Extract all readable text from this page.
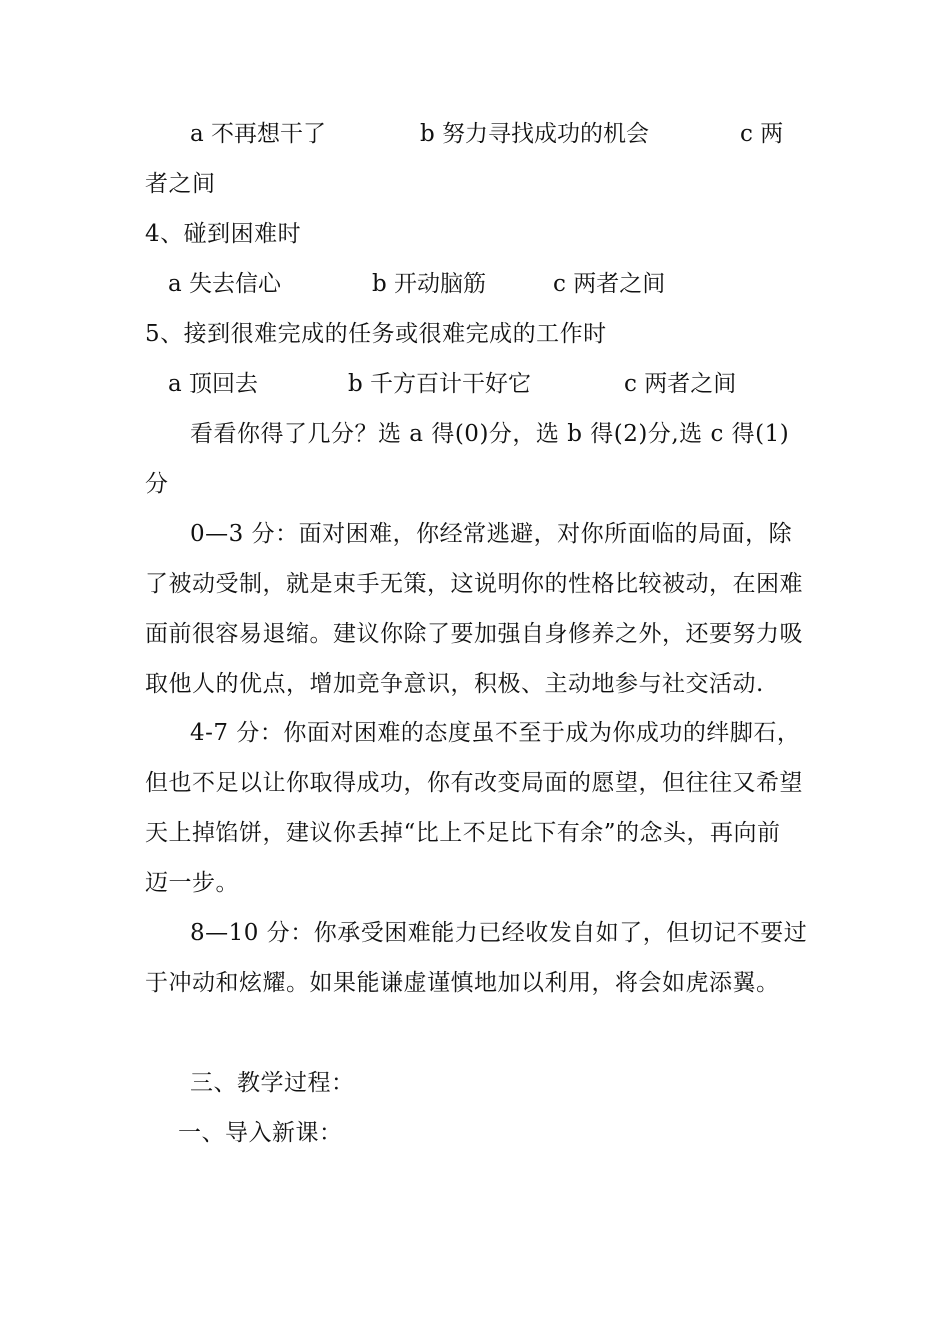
a 不再想干了	b 努力寻找成功的机会	c 两
者之间
4、碰到困难时
a 失去信心	b 开动脑筋	c 两者之间
5、接到很难完成的任务或很难完成的工作时
a 顶回去	b 千方百计干好它	c 两者之间
看看你得了几分？选 a 得(0)分，选 b 得(2)分,选 c 得(1)
分
0—3 分：面对困难，你经常逃避，对你所面临的局面，除
了被动受制，就是束手无策，这说明你的性格比较被动，在困难
面前很容易退缩。建议你除了要加强自身修养之外，还要努力吸
取他人的优点，增加竞争意识，积极、主动地参与社交活动.
4-7 分：你面对困难的态度虽不至于成为你成功的绊脚石，
但也不足以让你取得成功，你有改变局面的愿望，但往往又希望
天上掉馅饼，建议你丢掉“比上不足比下有余”的念头，再向前
迈一步。
8—10 分：你承受困难能力已经收发自如了，但切记不要过
于冲动和炫耀。如果能谦虚谨慎地加以利用，将会如虎添翼。
三、教学过程：
一、导入新课：
